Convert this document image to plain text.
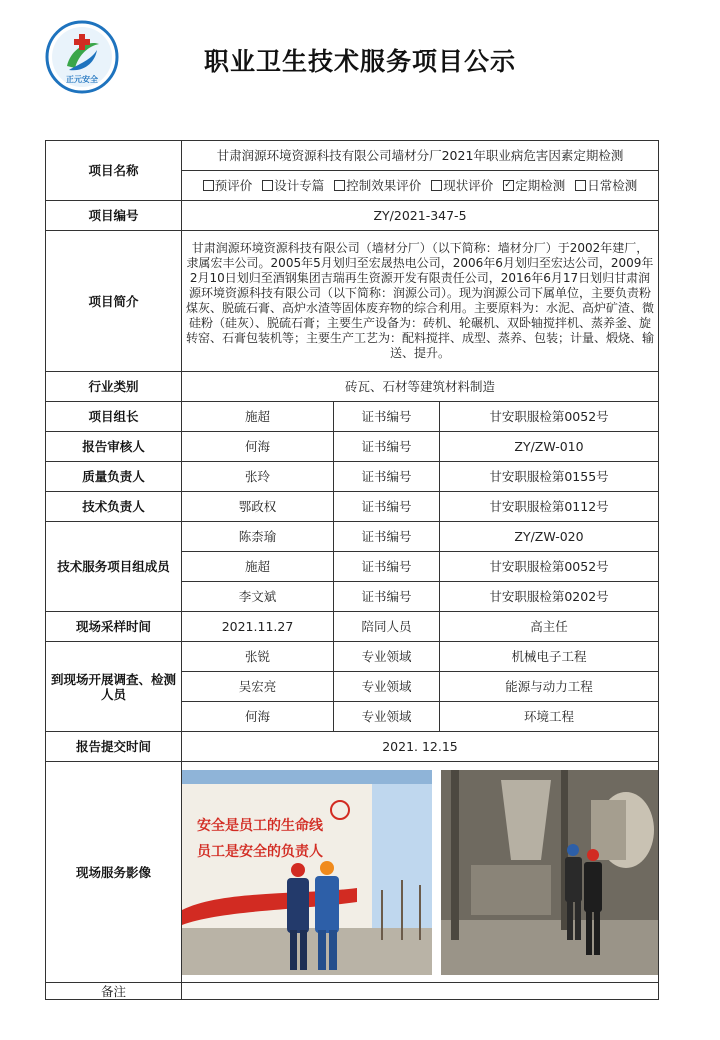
正元安全
职业卫生技术服务项目公示
项目名称	甘肃润源环境资源科技有限公司墙材分厂2021年职业病危害因素定期检测		
	预评价 设计专篇 控制效果评价 现状评价 ✓ 定期检测 日常检测
项目编号	ZY/2021-347-5		
项目简介	甘肃润源环境资源科技有限公司（墙材分厂）（以下简称：墙材分厂）于2002年建厂，隶属宏丰公司。2005年5月划归至宏晟热电公司，2006年6月划归至宏达公司，2009年2月10日划归至酒钢集团吉瑞再生资源开发有限责任公司，2016年6月17日划归甘肃润源环境资源科技有限公司（以下简称：润源公司）。现为润源公司下属单位，主要负责粉煤灰、脱硫石膏、高炉水渣等固体废弃物的综合利用。主要原料为：水泥、高炉矿渣、微硅粉（硅灰）、脱硫石膏；主要生产设备为：砖机、轮碾机、双卧轴搅拌机、蒸养釜、旋转窑、石膏包装机等；主要生产工艺为：配料搅拌、成型、蒸养、包装；计量、煅烧、输送、提升。		
行业类别	砖瓦、石材等建筑材料制造		
项目组长	施超	证书编号	甘安职服检第0052号
报告审核人	何海	证书编号	ZY/ZW-010
质量负责人	张玲	证书编号	甘安职服检第0155号
技术负责人	鄂政权	证书编号	甘安职服检第0112号
技术服务项目组成员	陈柰瑜	证书编号	ZY/ZW-020
	施超	证书编号	甘安职服检第0052号
	李文斌	证书编号	甘安职服检第0202号
现场采样时间	2021.11.27	陪同人员	高主任
到现场开展调查、检测人员	张锐	专业领域	机械电子工程
	吴宏亮	专业领域	能源与动力工程
	何海	专业领域	环境工程
报告提交时间	2021. 12.15		
现场服务影像	安全是员工的生命线
员工是安全的负责人		

备注			
